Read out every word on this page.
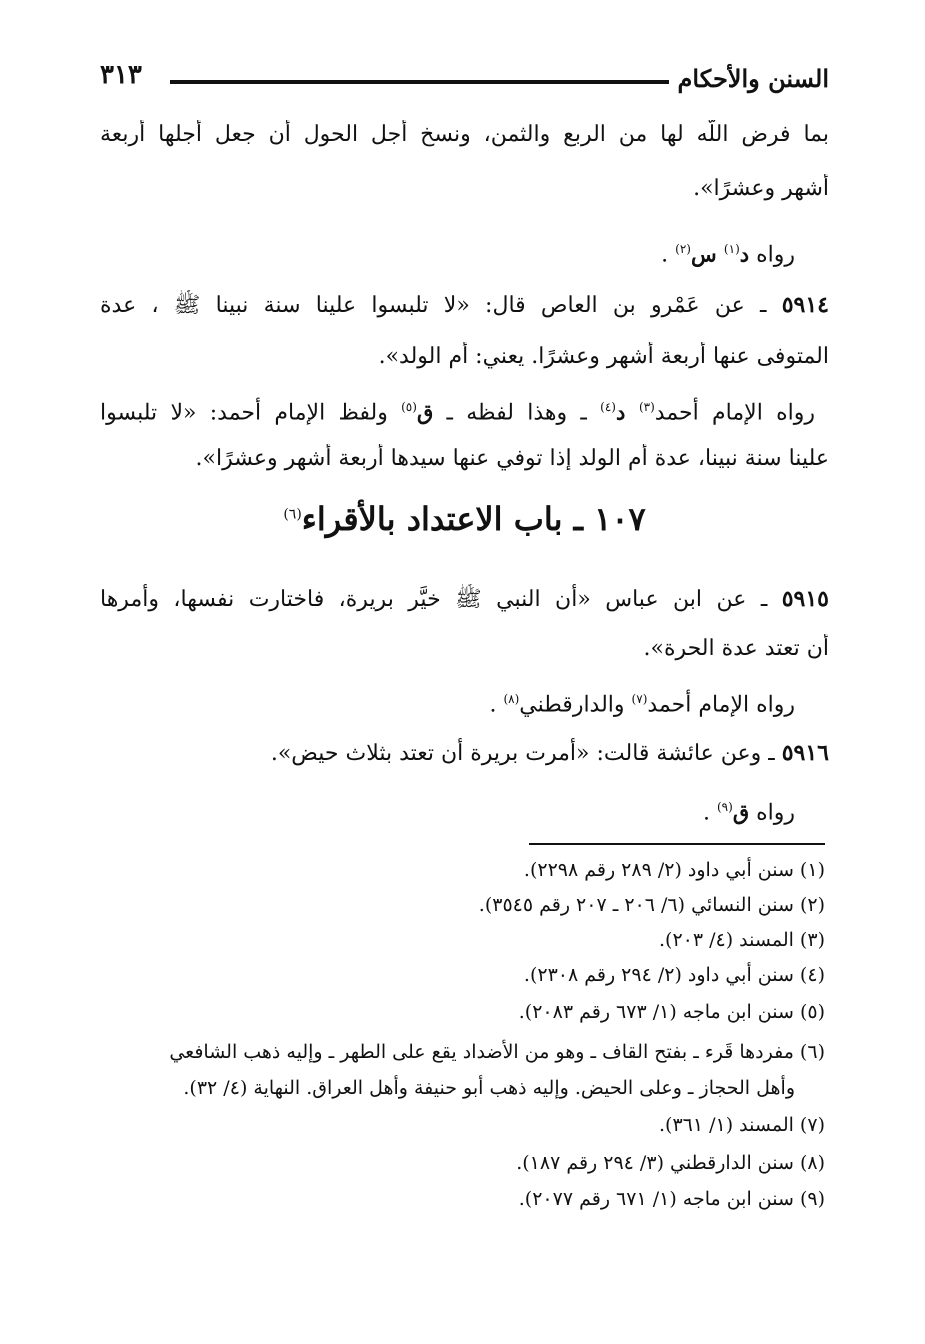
السنن والأحكام
٣١٣
بما فرض اللَّه لها من الربع والثمن، ونسخ أجل الحول أن جعل أجلها أربعة
أشهر وعشرًا».
رواه د$^{(١)}$ س$^{(٢)}$ .
٥٩١٤ ـ عن عَمْرو بن العاص قال: «لا تلبسوا علينا سنة نبينا ﷺ ، عدة
المتوفى عنها أربعة أشهر وعشرًا. يعني: أم الولد».
رواه الإمام أحمد$^{(٣)}$ د$^{(٤)}$ ـ وهذا لفظه ـ ق$^{(٥)}$ ولفظ الإمام أحمد: «لا تلبسوا
علينا سنة نبينا، عدة أم الولد إذا توفي عنها سيدها أربعة أشهر وعشرًا».
١٠٧ ـ باب الاعتداد بالأقراء$^{(٦)}$
٥٩١٥ ـ عن ابن عباس «أن النبي ﷺ خيَّر بريرة، فاختارت نفسها، وأمرها
أن تعتد عدة الحرة».
رواه الإمام أحمد$^{(٧)}$ والدارقطني$^{(٨)}$ .
٥٩١٦ ـ وعن عائشة قالت: «أُمرت بريرة أن تعتد بثلاث حيض».
رواه ق$^{(٩)}$ .
(١) سنن أبي داود (٢/ ٢٨٩ رقم ٢٢٩٨).
(٢) سنن النسائي (٦/ ٢٠٦ ـ ٢٠٧ رقم ٣٥٤٥).
(٣) المسند (٤/ ٢٠٣).
(٤) سنن أبي داود (٢/ ٢٩٤ رقم ٢٣٠٨).
(٥) سنن ابن ماجه (١/ ٦٧٣ رقم ٢٠٨٣).
(٦) مفردها قَرء ـ بفتح القاف ـ وهو من الأضداد يقع على الطهر ـ وإليه ذهب الشافعي
وأهل الحجاز ـ وعلى الحيض. وإليه ذهب أبو حنيفة وأهل العراق. النهاية (٤/ ٣٢).
(٧) المسند (١/ ٣٦١).
(٨) سنن الدارقطني (٣/ ٢٩٤ رقم ١٨٧).
(٩) سنن ابن ماجه (١/ ٦٧١ رقم ٢٠٧٧).
